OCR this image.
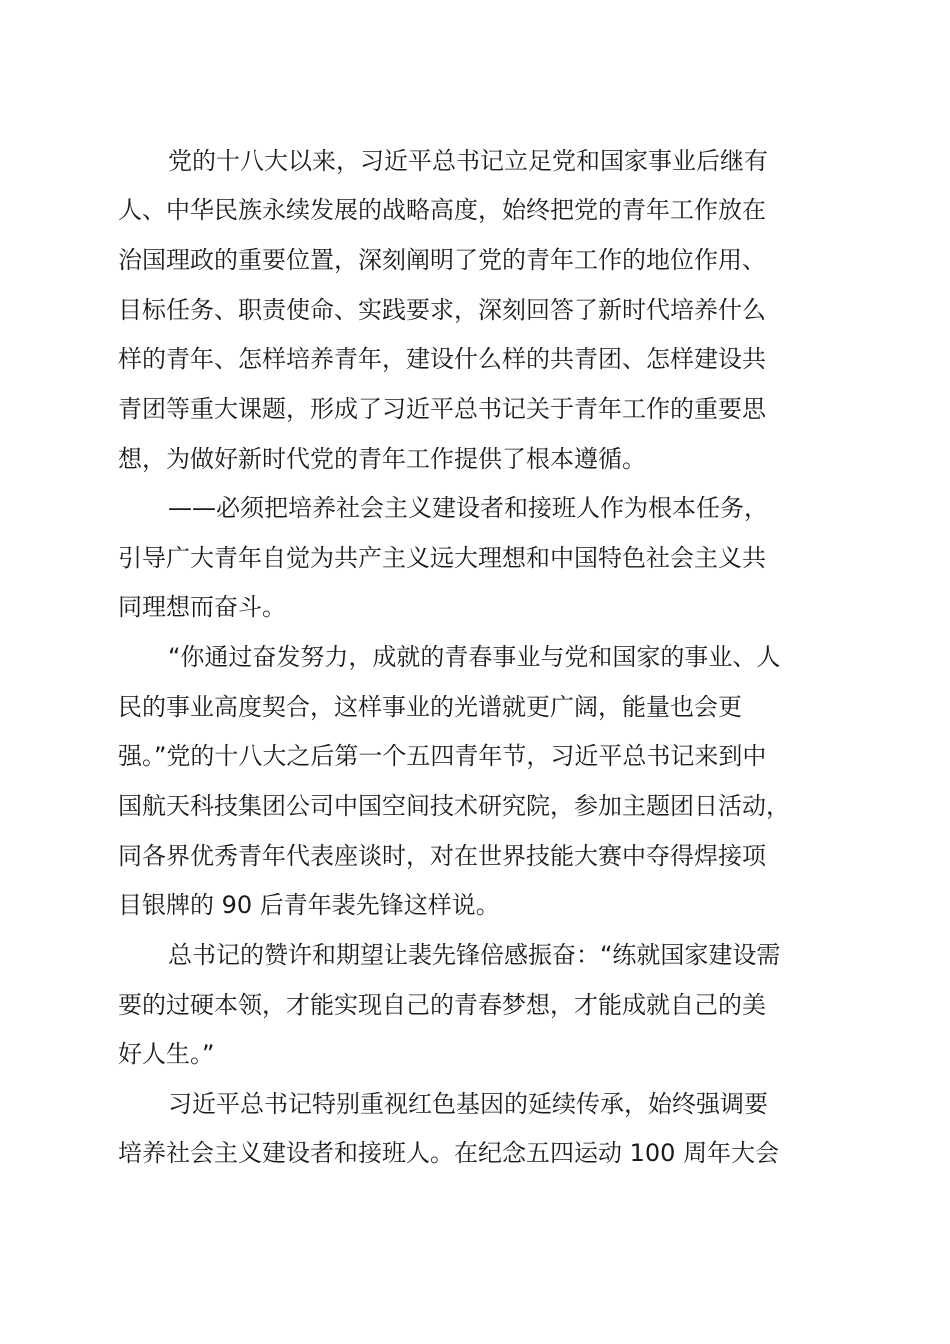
党的十八大以来，习近平总书记立足党和国家事业后继有
人、中华民族永续发展的战略高度，始终把党的青年工作放在
治国理政的重要位置，深刻阐明了党的青年工作的地位作用、
目标任务、职责使命、实践要求，深刻回答了新时代培养什么
样的青年、怎样培养青年，建设什么样的共青团、怎样建设共
青团等重大课题，形成了习近平总书记关于青年工作的重要思
想，为做好新时代党的青年工作提供了根本遵循。
——必须把培养社会主义建设者和接班人作为根本任务，
引导广大青年自觉为共产主义远大理想和中国特色社会主义共
同理想而奋斗。
“你通过奋发努力，成就的青春事业与党和国家的事业、人
民的事业高度契合，这样事业的光谱就更广阔，能量也会更
强。”党的十八大之后第一个五四青年节，习近平总书记来到中
国航天科技集团公司中国空间技术研究院，参加主题团日活动，
同各界优秀青年代表座谈时，对在世界技能大赛中夺得焊接项
目银牌的 90 后青年裴先锋这样说。
总书记的赞许和期望让裴先锋倍感振奋：“练就国家建设需
要的过硬本领，才能实现自己的青春梦想，才能成就自己的美
好人生。”
习近平总书记特别重视红色基因的延续传承，始终强调要
培养社会主义建设者和接班人。在纪念五四运动 100 周年大会
